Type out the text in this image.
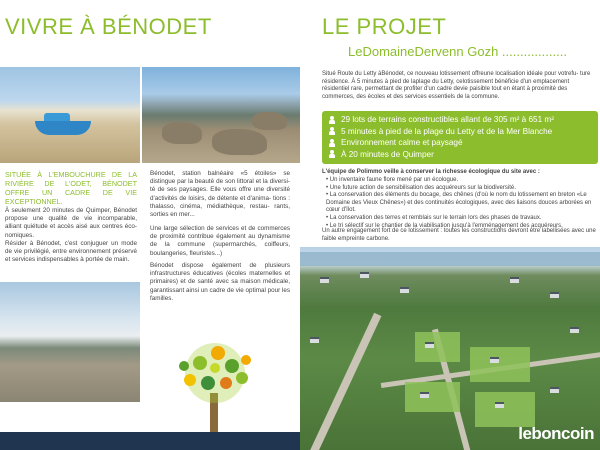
VIVRE À BÉNODET
SITUÉE À L'EMBOUCHURE DE LA RIVIÈRE DE L'ODET, BÉNODET OFFRE UN CADRE DE VIE EXCEPTIONNEL.
À seulement 20 minutes de Quimper, Bénodet propose une qualité de vie incomparable, alliant quiétude et accès aisé aux centres éco- nomiques.
Résider à Bénodet, c'est conjuguer un mode de vie privilégié, entre environnement préservé et services indispensables à portée de main.
Bénodet, station balnéaire «5 étoiles» se distingue par la beauté de son littoral et la diversi- té de ses paysages. Elle vous offre une diversité d'activités de loisirs, de détente et d'anima- tions : thalasso, cinéma, médiathèque, restau- rants, sorties en mer...
Une large sélection de services et de commerces de proximité contribue également au dynamisme de la commune (supermarchés, coiffeurs, boulangeries, fleuristes...)
Bénodet dispose également de plusieurs infrastructures éducatives (écoles maternelles et primaires) et de santé avec sa maison médicale, garantissant ainsi un cadre de vie optimal pour les familles.
LE PROJET
LeDomaineDervenn Gozh ..................
Situé Route du Letty àBénodet, ce nouveau lotissement offreune localisation idéale pour votrefu- ture résidence. À 5 minutes à pied de laplage du Letty, celotissement bénéficie d'un emplacement résidentiel rare, permettant de profiter d'un cadre devie paisible tout en étant à proximité des commerces, des écoles et des services essentiels de la commune.
29 lots de terrains constructibles allant de 305 m² à 651 m²
5 minutes à pied de la plage du Letty et de la Mer Blanche
Environnement calme et paysagé
À 20 minutes de Quimper
L'équipe de Polimmo veille à conserver la richesse écologique du site avec :
• Un inventaire faune flore mené par un écologue.
• Une future action de sensibilisation des acquéreurs sur la biodiversité.
• La conservation des éléments du bocage, des chênes (d'où le nom du lotissement en breton «Le Domaine des Vieux Chênes») et des continuités écologiques, avec des liaisons douces arborées en cœur d'îlot.
• La conservation des terres et remblais sur le terrain lors des phases de travaux.
• Le tri sélectif sur le chantier de la viabilisation jusqu'à l'emménagement des acquéreurs.
Un autre engagement fort de ce lotissement : toutes les constructions devront être labellisées avec une faible empreinte carbone.
leboncoin
